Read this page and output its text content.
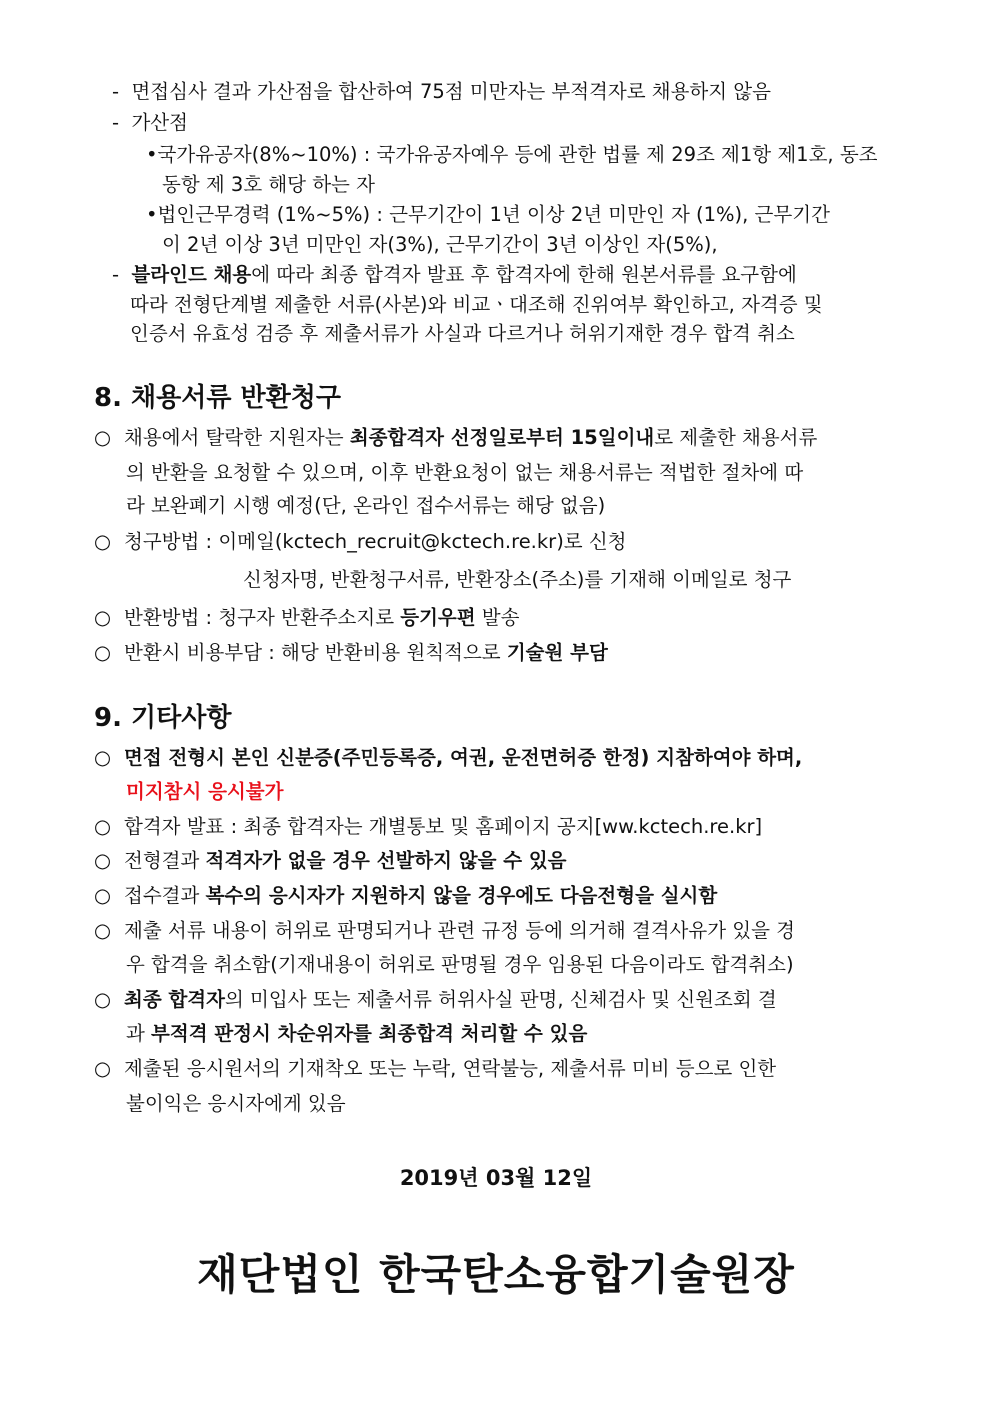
- 면접심사 결과 가산점을 합산하여 75점 미만자는 부적격자로 채용하지 않음
- 가산점
•국가유공자(8%~10%) : 국가유공자예우 등에 관한 법률 제 29조 제1항 제1호, 동조
동항 제 3호 해당 하는 자
•법인근무경력 (1%~5%) : 근무기간이 1년 이상 2년 미만인 자 (1%), 근무기간
이 2년 이상 3년 미만인 자(3%), 근무기간이 3년 이상인 자(5%),
- 블라인드 채용에 따라 최종 합격자 발표 후 합격자에 한해 원본서류를 요구함에
따라 전형단계별 제출한 서류(사본)와 비교ㆍ대조해 진위여부 확인하고, 자격증 및
인증서 유효성 검증 후 제출서류가 사실과 다르거나 허위기재한 경우 합격 취소
8. 채용서류 반환청구
○ 채용에서 탈락한 지원자는 최종합격자 선정일로부터 15일이내로 제출한 채용서류
의 반환을 요청할 수 있으며, 이후 반환요청이 없는 채용서류는 적법한 절차에 따
라 보완폐기 시행 예정(단, 온라인 접수서류는 해당 없음)
○ 청구방법 : 이메일(kctech_recruit@kctech.re.kr)로 신청
신청자명, 반환청구서류, 반환장소(주소)를 기재해 이메일로 청구
○ 반환방법 : 청구자 반환주소지로 등기우편 발송
○ 반환시 비용부담 : 해당 반환비용 원칙적으로 기술원 부담
9. 기타사항
○ 면접 전형시 본인 신분증(주민등록증, 여권, 운전면허증 한정) 지참하여야 하며,
미지참시 응시불가
○ 합격자 발표 : 최종 합격자는 개별통보 및 홈페이지 공지[ww.kctech.re.kr]
○ 전형결과 적격자가 없을 경우 선발하지 않을 수 있음
○ 접수결과 복수의 응시자가 지원하지 않을 경우에도 다음전형을 실시함
○ 제출 서류 내용이 허위로 판명되거나 관련 규정 등에 의거해 결격사유가 있을 경
우 합격을 취소함(기재내용이 허위로 판명될 경우 임용된 다음이라도 합격취소)
○ 최종 합격자의 미입사 또는 제출서류 허위사실 판명, 신체검사 및 신원조회 결
과 부적격 판정시 차순위자를 최종합격 처리할 수 있음
○ 제출된 응시원서의 기재착오 또는 누락, 연락불능, 제출서류 미비 등으로 인한
불이익은 응시자에게 있음
2019년 03월 12일
재단법인 한국탄소융합기술원장
